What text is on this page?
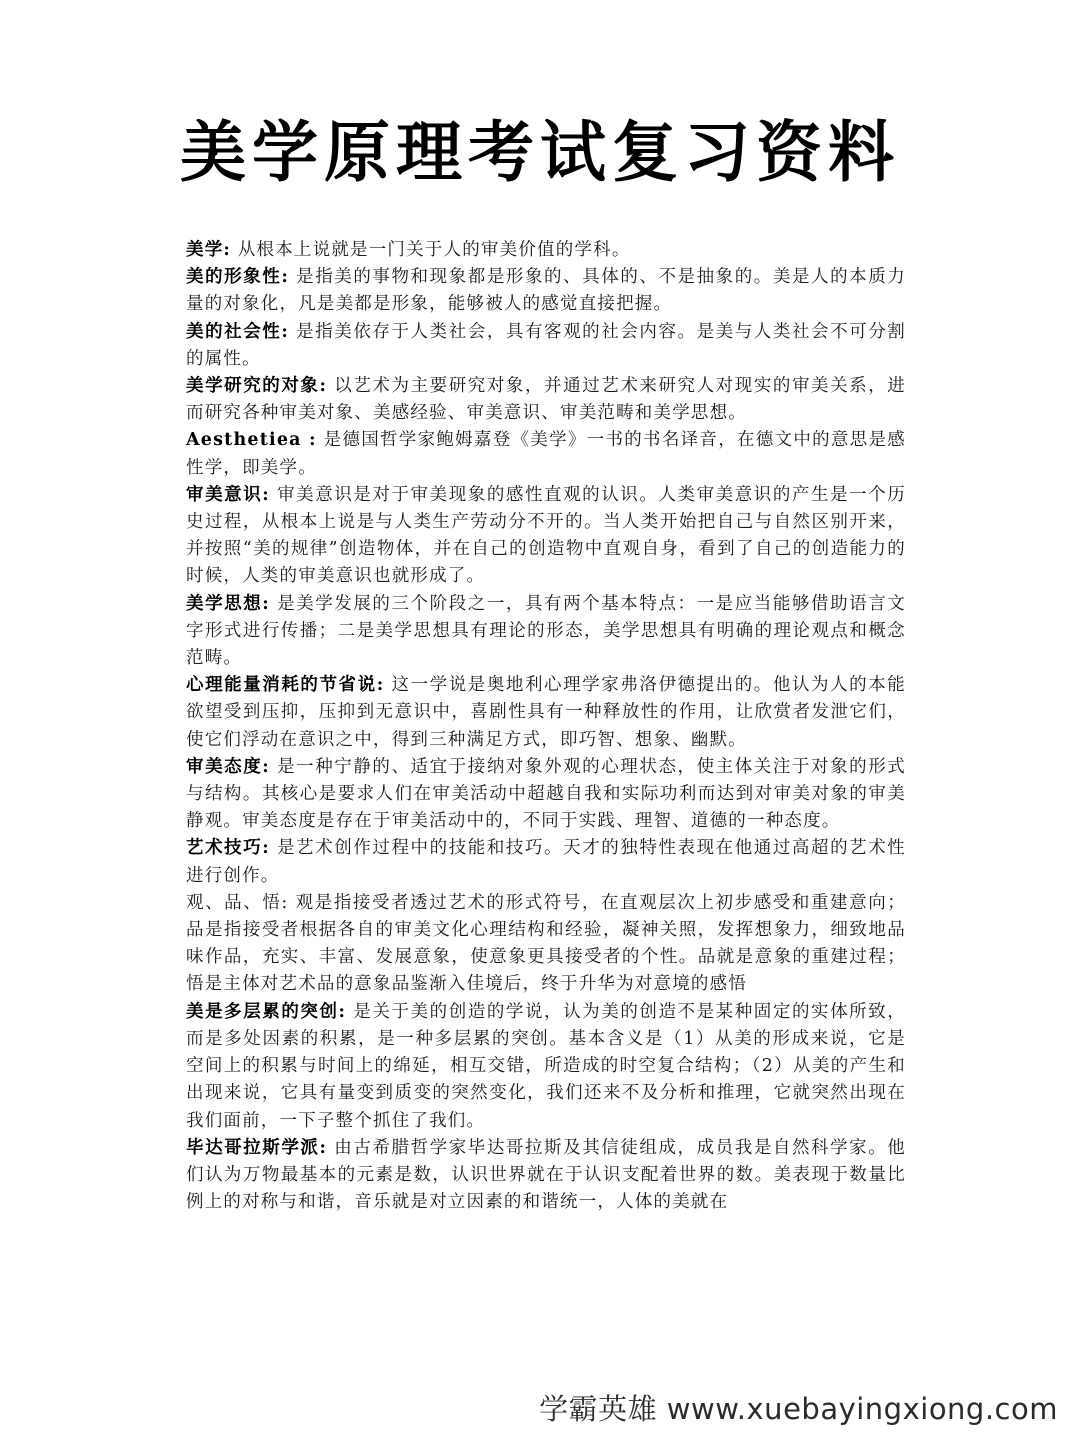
美学原理考试复习资料

美学: 从根本上说就是一门关于人的审美价值的学科。

美的形象性: 是指美的事物和现象都是形象的、具体的、不是抽象的。美是人的本质力量的对象化，凡是美都是形象，能够被人的感觉直接把握。

美的社会性: 是指美依存于人类社会，具有客观的社会内容。是美与人类社会不可分割的属性。

美学研究的对象: 以艺术为主要研究对象，并通过艺术来研究人对现实的审美关系，进而研究各种审美对象、美感经验、审美意识、审美范畴和美学思想。

Aesthetiea : 是德国哲学家鲍姆嘉登《美学》一书的书名译音，在德文中的意思是感性学，即美学。

审美意识: 审美意识是对于审美现象的感性直观的认识。人类审美意识的产生是一个历史过程，从根本上说是与人类生产劳动分不开的。当人类开始把自己与自然区别开来，并按照“美的规律”创造物体，并在自己的创造物中直观自身，看到了自己的创造能力的时候，人类的审美意识也就形成了。

美学思想: 是美学发展的三个阶段之一，具有两个基本特点：一是应当能够借助语言文字形式进行传播；二是美学思想具有理论的形态，美学思想具有明确的理论观点和概念范畴。

心理能量消耗的节省说: 这一学说是奥地利心理学家弗洛伊德提出的。他认为人的本能欲望受到压抑，压抑到无意识中，喜剧性具有一种释放性的作用，让欣赏者发泄它们，使它们浮动在意识之中，得到三种满足方式，即巧智、想象、幽默。

审美态度: 是一种宁静的、适宜于接纳对象外观的心理状态，使主体关注于对象的形式与结构。其核心是要求人们在审美活动中超越自我和实际功利而达到对审美对象的审美静观。审美态度是存在于审美活动中的，不同于实践、理智、道德的一种态度。

艺术技巧: 是艺术创作过程中的技能和技巧。天才的独特性表现在他通过高超的艺术性进行创作。

观、品、悟: 观是指接受者透过艺术的形式符号，在直观层次上初步感受和重建意向；品是指接受者根据各自的审美文化心理结构和经验，凝神关照，发挥想象力，细致地品味作品，充实、丰富、发展意象，使意象更具接受者的个性。品就是意象的重建过程；悟是主体对艺术品的意象品鉴渐入佳境后，终于升华为对意境的感悟

美是多层累的突创: 是关于美的创造的学说，认为美的创造不是某种固定的实体所致，而是多处因素的积累，是一种多层累的突创。基本含义是（1）从美的形成来说，它是空间上的积累与时间上的绵延，相互交错，所造成的时空复合结构；（2）从美的产生和出现来说，它具有量变到质变的突然变化，我们还来不及分析和推理，它就突然出现在我们面前，一下子整个抓住了我们。

毕达哥拉斯学派: 由古希腊哲学家毕达哥拉斯及其信徒组成，成员我是自然科学家。他们认为万物最基本的元素是数，认识世界就在于认识支配着世界的数。美表现于数量比例上的对称与和谐，音乐就是对立因素的和谐统一，人体的美就在

学霸英雄 www.xuebayingxiong.com
